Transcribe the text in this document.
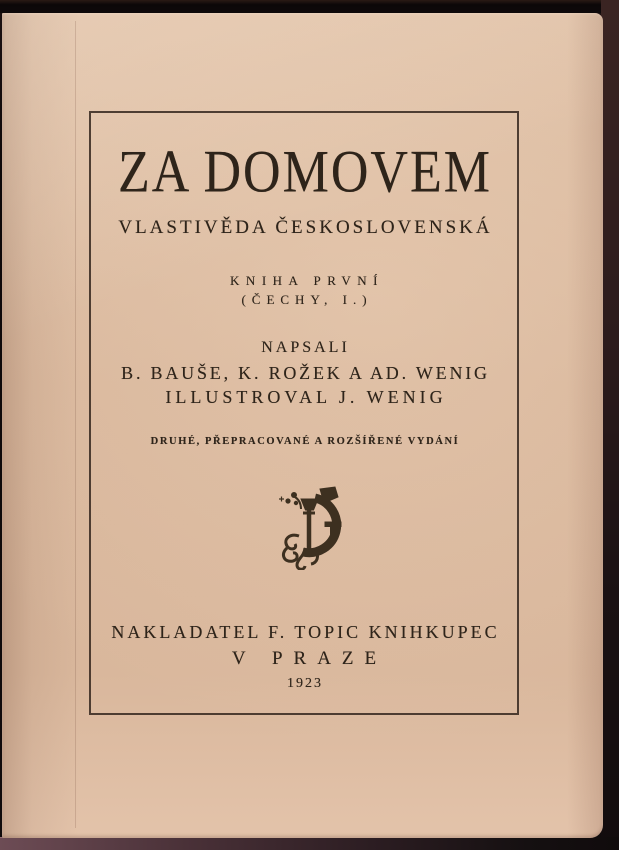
ZA DOMOVEM
VLASTIVĚDA ČESKOSLOVENSKÁ
KNIHA PRVNÍ
(ČECHY, I.)
NAPSALI
B. BAUŠE, K. ROŽEK A AD. WENIG
ILLUSTROVAL J. WENIG
DRUHÉ, PŘEPRACOVANÉ A ROZŠÍŘENÉ VYDÁNÍ
NAKLADATEL F. TOPIC KNIHKUPEC
V PRAZE
1923
